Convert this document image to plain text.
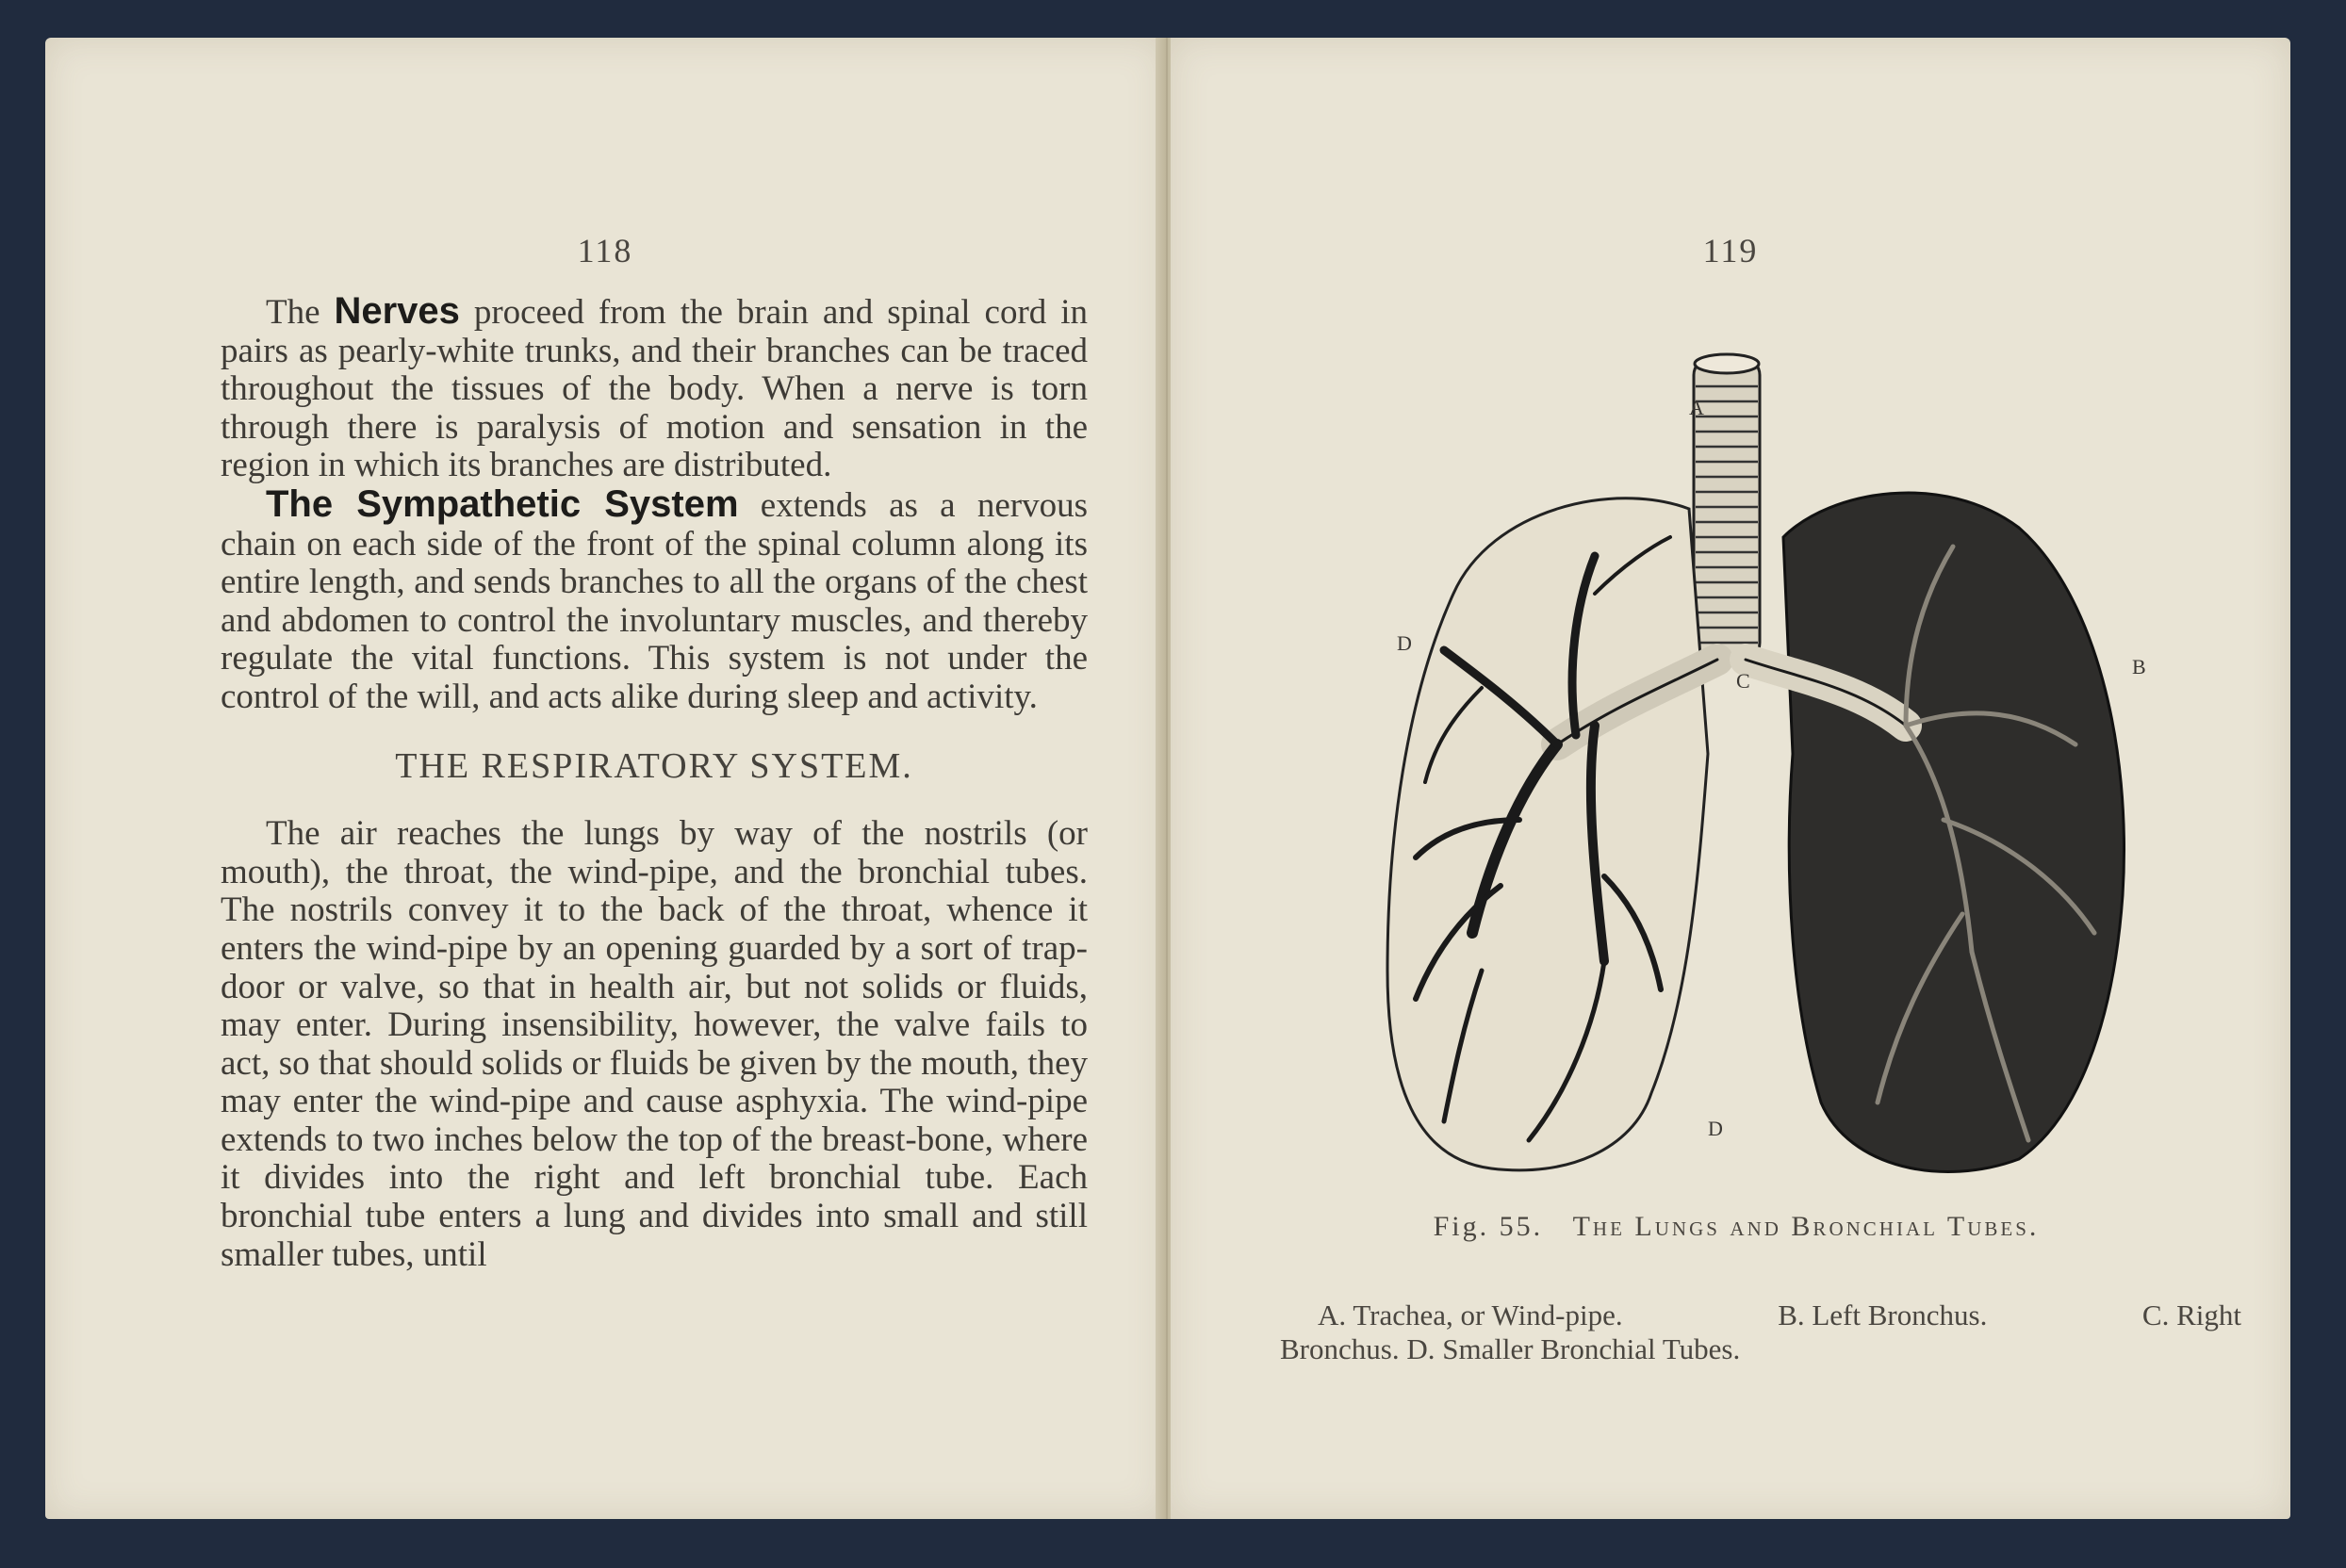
118

The Nerves proceed from the brain and spinal cord in pairs as pearly-white trunks, and their branches can be traced throughout the tissues of the body. When a nerve is torn through there is paralysis of motion and sensation in the region in which its branches are distributed.

The Sympathetic System extends as a nervous chain on each side of the front of the spinal column along its entire length, and sends branches to all the organs of the chest and abdomen to control the involuntary muscles, and thereby regulate the vital functions. This system is not under the control of the will, and acts alike during sleep and activity.

THE RESPIRATORY SYSTEM.

The air reaches the lungs by way of the nostrils (or mouth), the throat, the wind-pipe, and the bronchial tubes. The nostrils convey it to the back of the throat, whence it enters the wind-pipe by an opening guarded by a sort of trap-door or valve, so that in health air, but not solids or fluids, may enter. During insensibility, however, the valve fails to act, so that should solids or fluids be given by the mouth, they may enter the wind-pipe and cause asphyxia. The wind-pipe extends to two inches below the top of the breast-bone, where it divides into the right and left bronchial tube. Each bronchial tube enters a lung and divides into small and still smaller tubes, until

119
A
D
B
C
D
Fig. 55. The Lungs and Bronchial Tubes.
A. Trachea, or Wind-pipe.	B. Left Bronchus.	C. Right
Bronchus. D. Smaller Bronchial Tubes.
